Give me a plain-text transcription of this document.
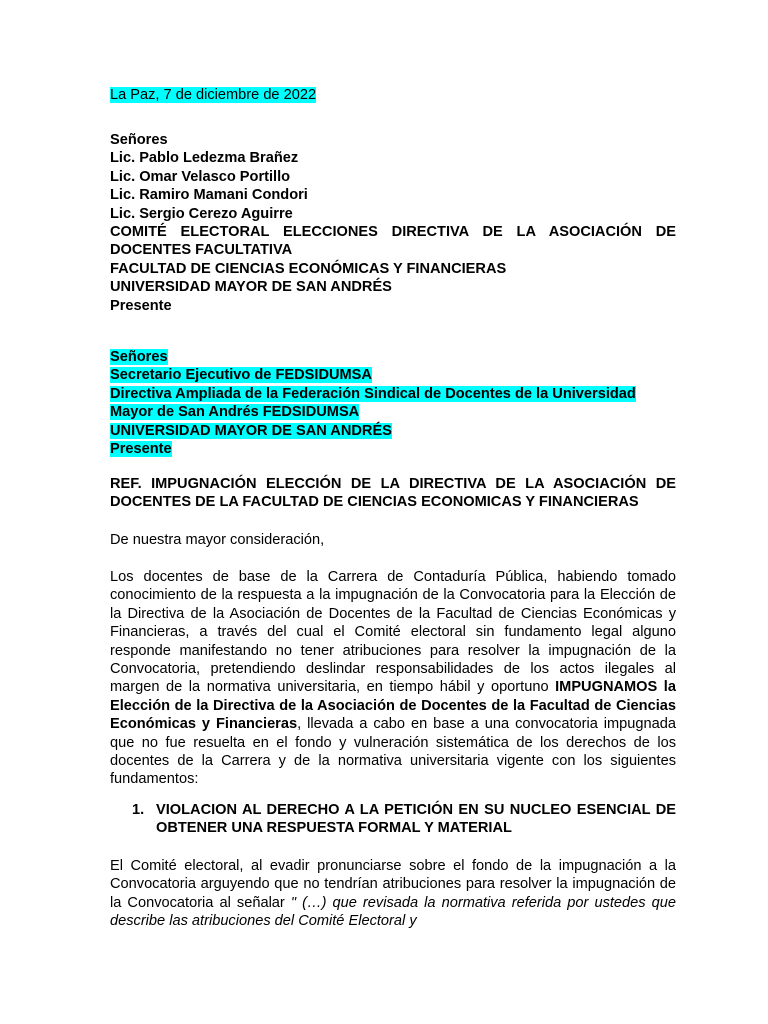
La Paz, 7 de diciembre de 2022

Señores

Lic. Pablo Ledezma Brañez

Lic. Omar Velasco Portillo

Lic. Ramiro Mamani Condori

Lic. Sergio Cerezo Aguirre

COMITÉ ELECTORAL ELECCIONES DIRECTIVA DE LA ASOCIACIÓN DE DOCENTES FACULTATIVA

FACULTAD DE CIENCIAS ECONÓMICAS Y FINANCIERAS

UNIVERSIDAD MAYOR DE SAN ANDRÉS

Presente

Señores

Secretario Ejecutivo de FEDSIDUMSA

Directiva Ampliada de la Federación Sindical de Docentes de la Universidad Mayor de San Andrés FEDSIDUMSA

UNIVERSIDAD MAYOR DE SAN ANDRÉS

Presente

REF. IMPUGNACIÓN ELECCIÓN DE LA DIRECTIVA DE LA ASOCIACIÓN DE DOCENTES DE LA FACULTAD DE CIENCIAS ECONOMICAS Y FINANCIERAS

De nuestra mayor consideración,

Los docentes de base de la Carrera de Contaduría Pública, habiendo tomado conocimiento de la respuesta a la impugnación de la Convocatoria para la Elección de la Directiva de la Asociación de Docentes de la Facultad de Ciencias Económicas y Financieras, a través del cual el Comité electoral sin fundamento legal alguno responde manifestando no tener atribuciones para resolver la impugnación de la Convocatoria, pretendiendo deslindar responsabilidades de los actos ilegales al margen de la normativa universitaria, en tiempo hábil y oportuno IMPUGNAMOS la Elección de la Directiva de la Asociación de Docentes de la Facultad de Ciencias Económicas y Financieras, llevada a cabo en base a una convocatoria impugnada que no fue resuelta en el fondo y vulneración sistemática de los derechos de los docentes de la Carrera y de la normativa universitaria vigente con los siguientes fundamentos:

1. VIOLACION AL DERECHO A LA PETICIÓN EN SU NUCLEO ESENCIAL DE OBTENER UNA RESPUESTA FORMAL Y MATERIAL

El Comité electoral, al evadir pronunciarse sobre el fondo de la impugnación a la Convocatoria arguyendo que no tendrían atribuciones para resolver la impugnación de la Convocatoria al señalar " (…) que revisada la normativa referida por ustedes que describe las atribuciones del Comité Electoral y
